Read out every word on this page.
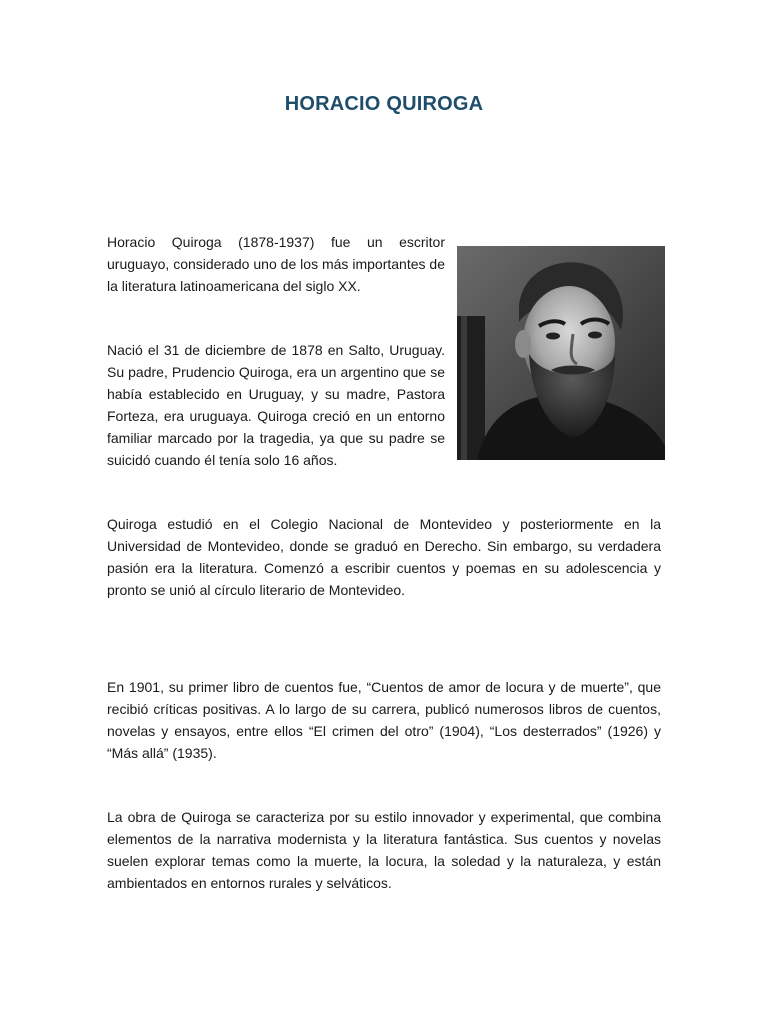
HORACIO QUIROGA

Horacio Quiroga (1878-1937) fue un escritor uruguayo, considerado uno de los más importantes de la literatura latinoamericana del siglo XX.

Nació el 31 de diciembre de 1878 en Salto, Uruguay. Su padre, Prudencio Quiroga, era un argentino que se había establecido en Uruguay, y su madre, Pastora Forteza, era uruguaya. Quiroga creció en un entorno familiar marcado por la tragedia, ya que su padre se suicidó cuando él tenía solo 16 años.

Quiroga estudió en el Colegio Nacional de Montevideo y posteriormente en la Universidad de Montevideo, donde se graduó en Derecho. Sin embargo, su verdadera pasión era la literatura. Comenzó a escribir cuentos y poemas en su adolescencia y pronto se unió al círculo literario de Montevideo.

En 1901, su primer libro de cuentos fue, “Cuentos de amor de locura y de muerte”, que recibió críticas positivas. A lo largo de su carrera, publicó numerosos libros de cuentos, novelas y ensayos, entre ellos “El crimen del otro” (1904), “Los desterrados” (1926) y “Más allá” (1935).

La obra de Quiroga se caracteriza por su estilo innovador y experimental, que combina elementos de la narrativa modernista y la literatura fantástica. Sus cuentos y novelas suelen explorar temas como la muerte, la locura, la soledad y la naturaleza, y están ambientados en entornos rurales y selváticos.
